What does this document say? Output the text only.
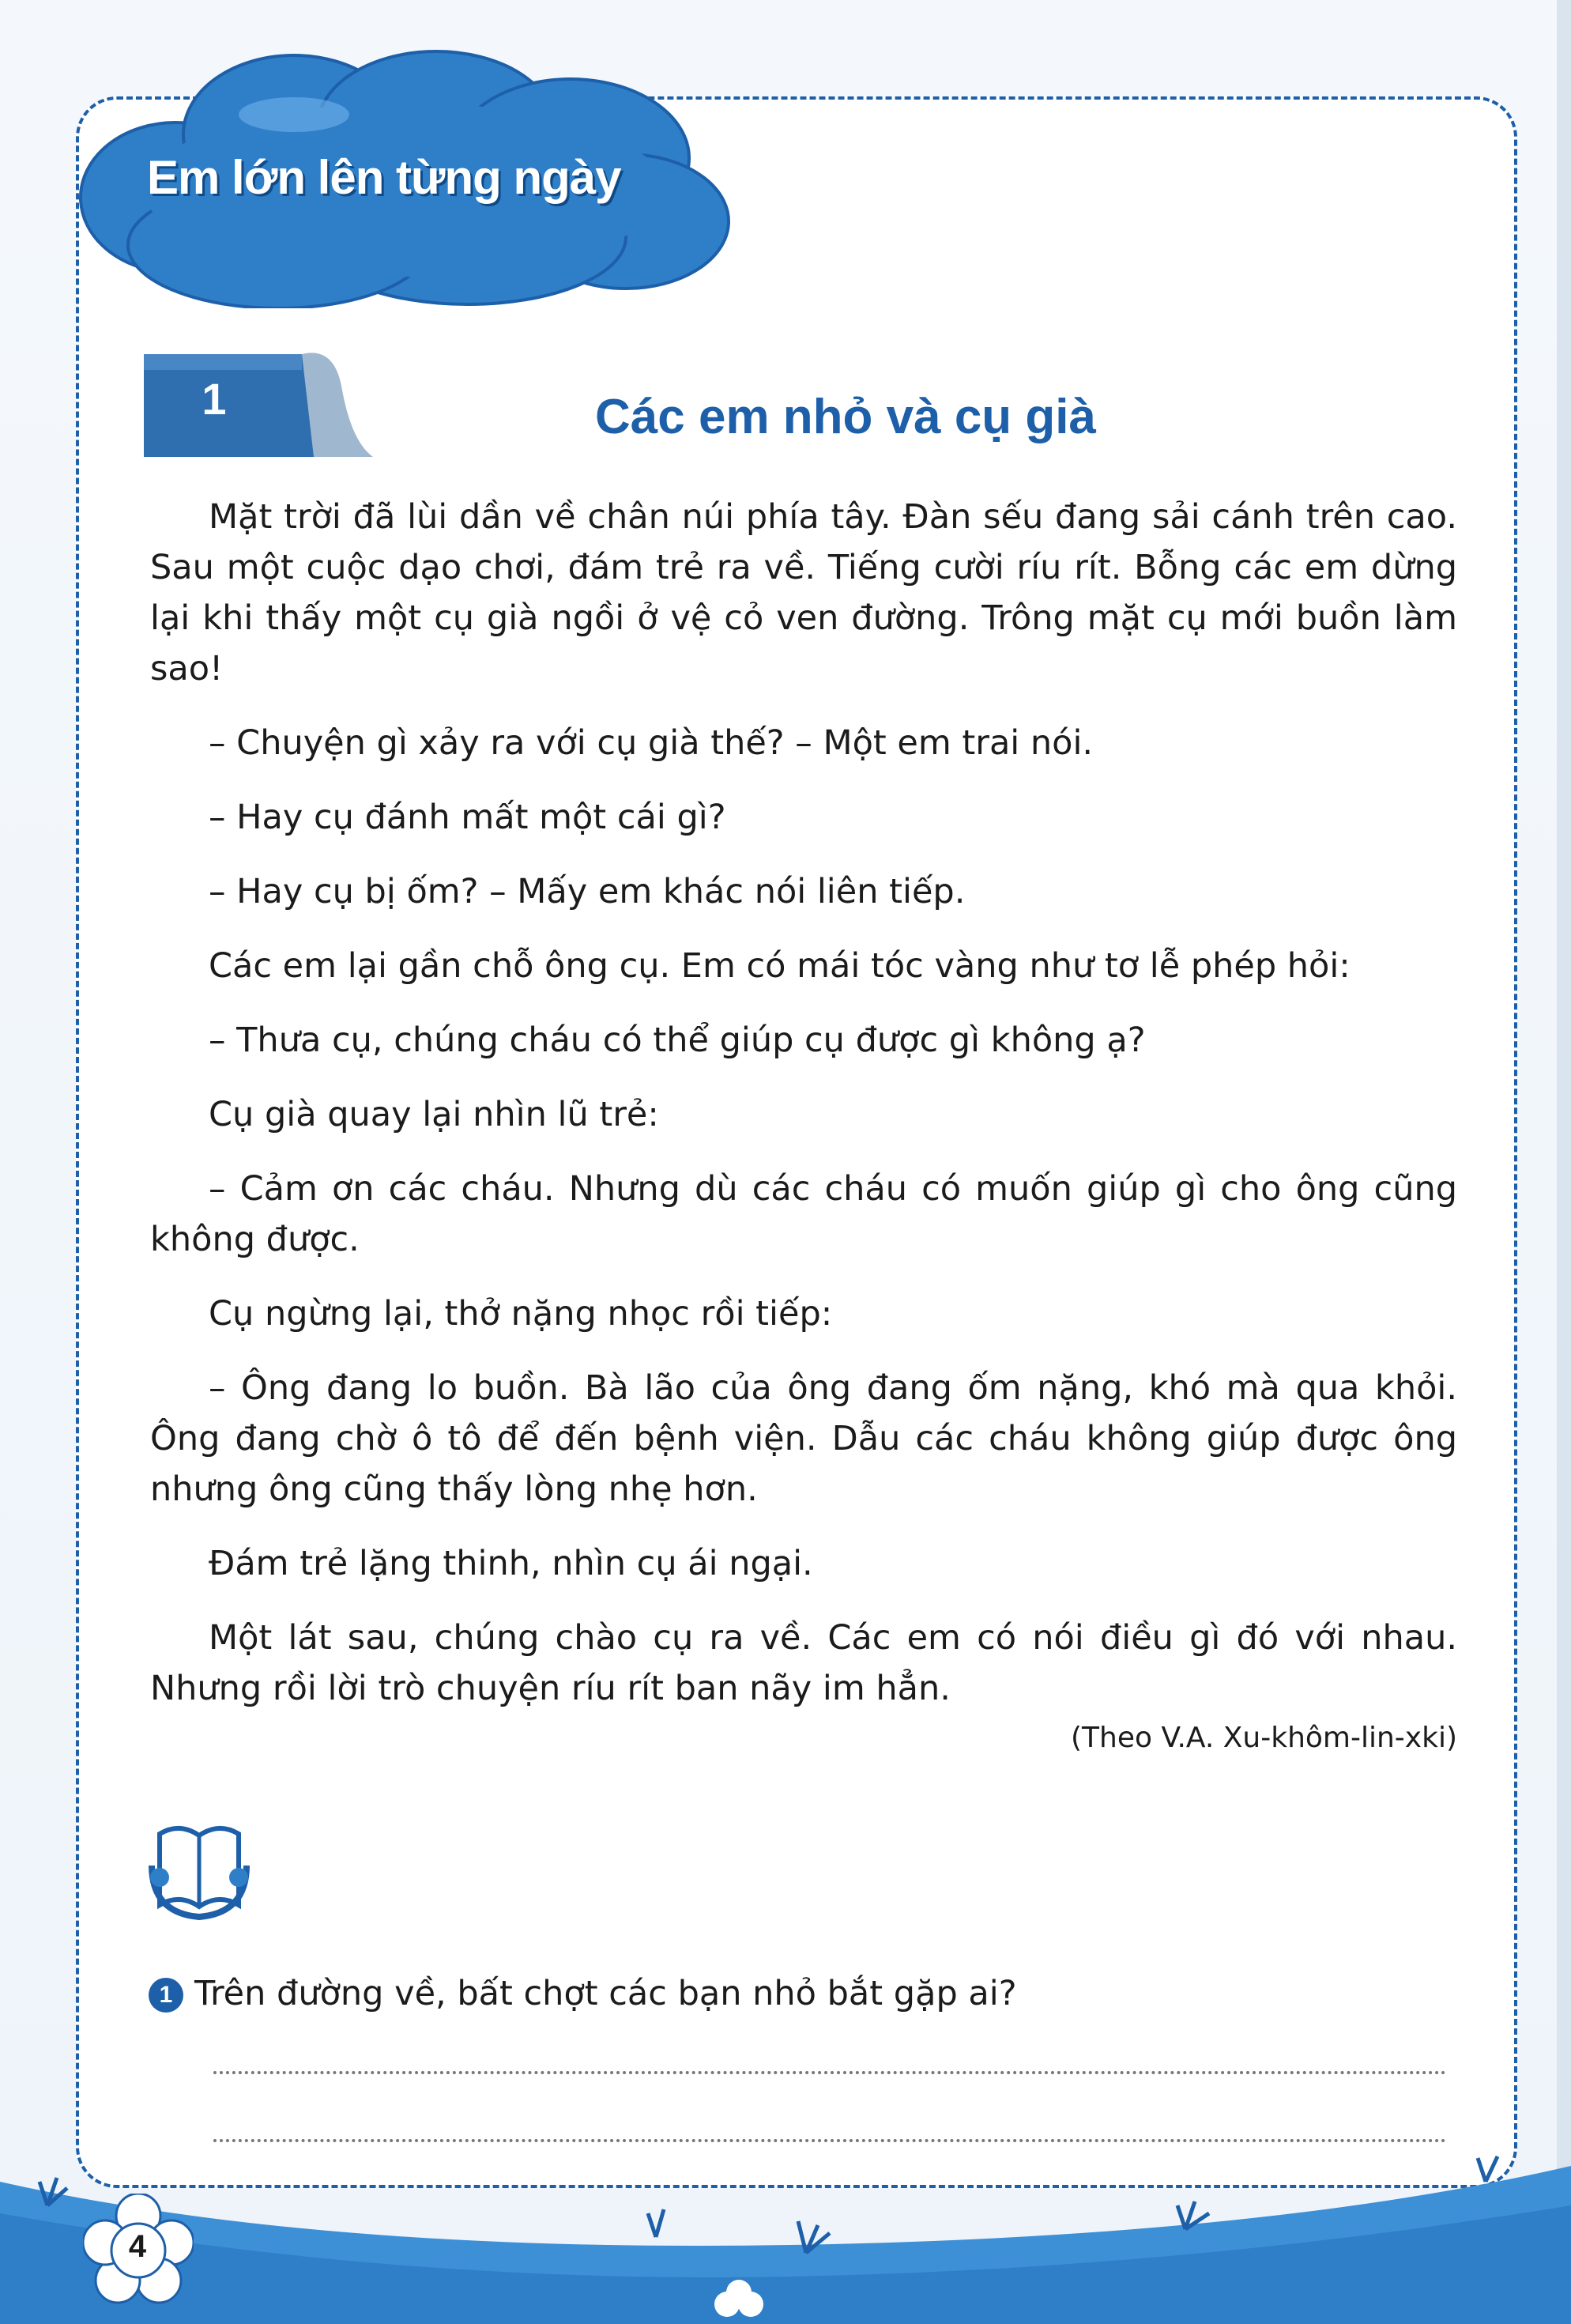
Em lớn lên từng ngày
1	Các em nhỏ và cụ già

Mặt trời đã lùi dần về chân núi phía tây. Đàn sếu đang sải cánh trên cao. Sau một cuộc dạo chơi, đám trẻ ra về. Tiếng cười ríu rít. Bỗng các em dừng lại khi thấy một cụ già ngồi ở vệ cỏ ven đường. Trông mặt cụ mới buồn làm sao!

– Chuyện gì xảy ra với cụ già thế? – Một em trai nói.

– Hay cụ đánh mất một cái gì?

– Hay cụ bị ốm? – Mấy em khác nói liên tiếp.

Các em lại gần chỗ ông cụ. Em có mái tóc vàng như tơ lễ phép hỏi:

– Thưa cụ, chúng cháu có thể giúp cụ được gì không ạ?

Cụ già quay lại nhìn lũ trẻ:

– Cảm ơn các cháu. Nhưng dù các cháu có muốn giúp gì cho ông cũng không được.

Cụ ngừng lại, thở nặng nhọc rồi tiếp:

– Ông đang lo buồn. Bà lão của ông đang ốm nặng, khó mà qua khỏi. Ông đang chờ ô tô để đến bệnh viện. Dẫu các cháu không giúp được ông nhưng ông cũng thấy lòng nhẹ hơn.

Đám trẻ lặng thinh, nhìn cụ ái ngại.

Một lát sau, chúng chào cụ ra về. Các em có nói điều gì đó với nhau. Nhưng rồi lời trò chuyện ríu rít ban nãy im hẳn.

(Theo V.A. Xu-khôm-lin-xki)
1 Trên đường về, bất chợt các bạn nhỏ bắt gặp ai?
4
